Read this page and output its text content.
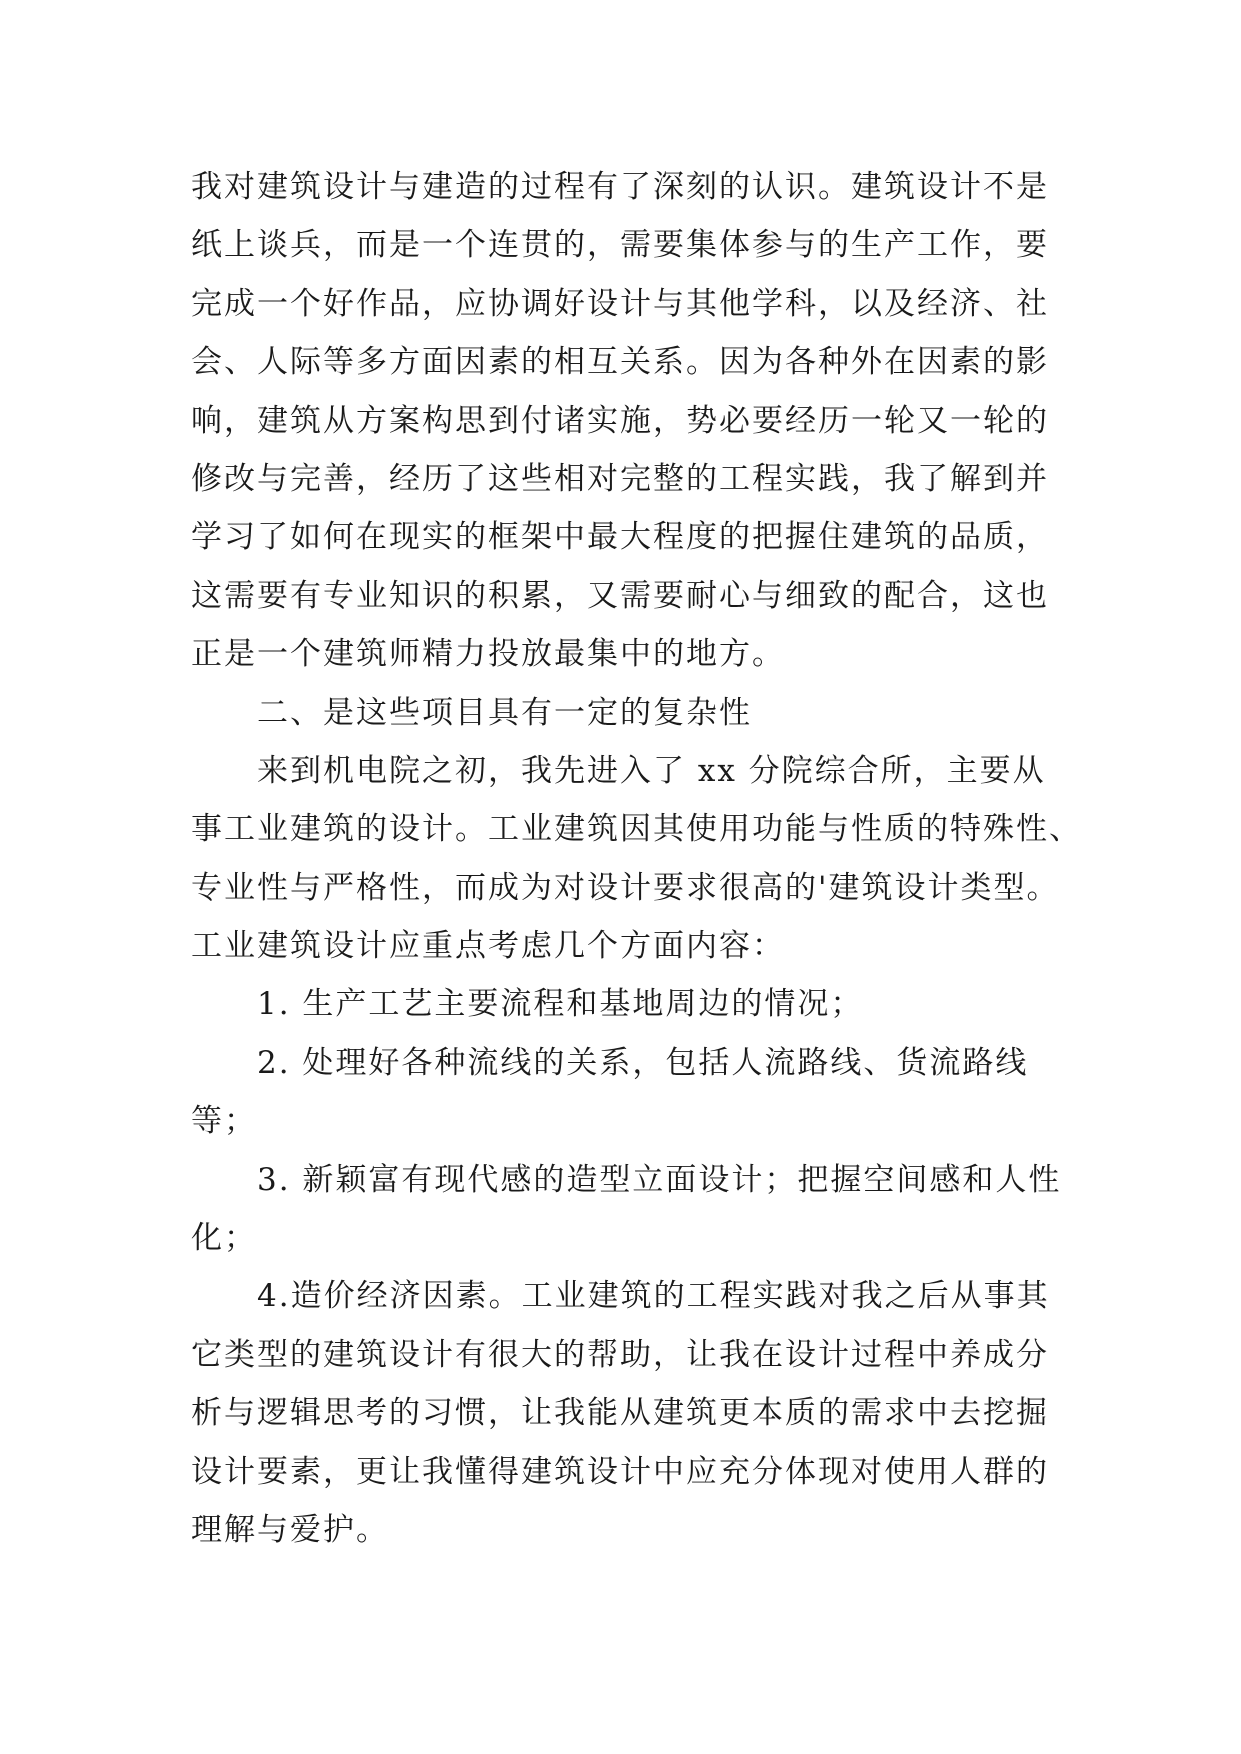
我对建筑设计与建造的过程有了深刻的认识。建筑设计不是
纸上谈兵，而是一个连贯的，需要集体参与的生产工作，要
完成一个好作品，应协调好设计与其他学科，以及经济、社
会、人际等多方面因素的相互关系。因为各种外在因素的影
响，建筑从方案构思到付诸实施，势必要经历一轮又一轮的
修改与完善，经历了这些相对完整的工程实践，我了解到并
学习了如何在现实的框架中最大程度的把握住建筑的品质，
这需要有专业知识的积累，又需要耐心与细致的配合，这也
正是一个建筑师精力投放最集中的地方。
二、是这些项目具有一定的复杂性
来到机电院之初，我先进入了 xx 分院综合所，主要从
事工业建筑的设计。工业建筑因其使用功能与性质的特殊性、
专业性与严格性，而成为对设计要求很高的'建筑设计类型。
工业建筑设计应重点考虑几个方面内容：
1. 生产工艺主要流程和基地周边的情况；
2. 处理好各种流线的关系，包括人流路线、货流路线
等；
3. 新颖富有现代感的造型立面设计；把握空间感和人性
化；
4.造价经济因素。工业建筑的工程实践对我之后从事其
它类型的建筑设计有很大的帮助，让我在设计过程中养成分
析与逻辑思考的习惯，让我能从建筑更本质的需求中去挖掘
设计要素，更让我懂得建筑设计中应充分体现对使用人群的
理解与爱护。
